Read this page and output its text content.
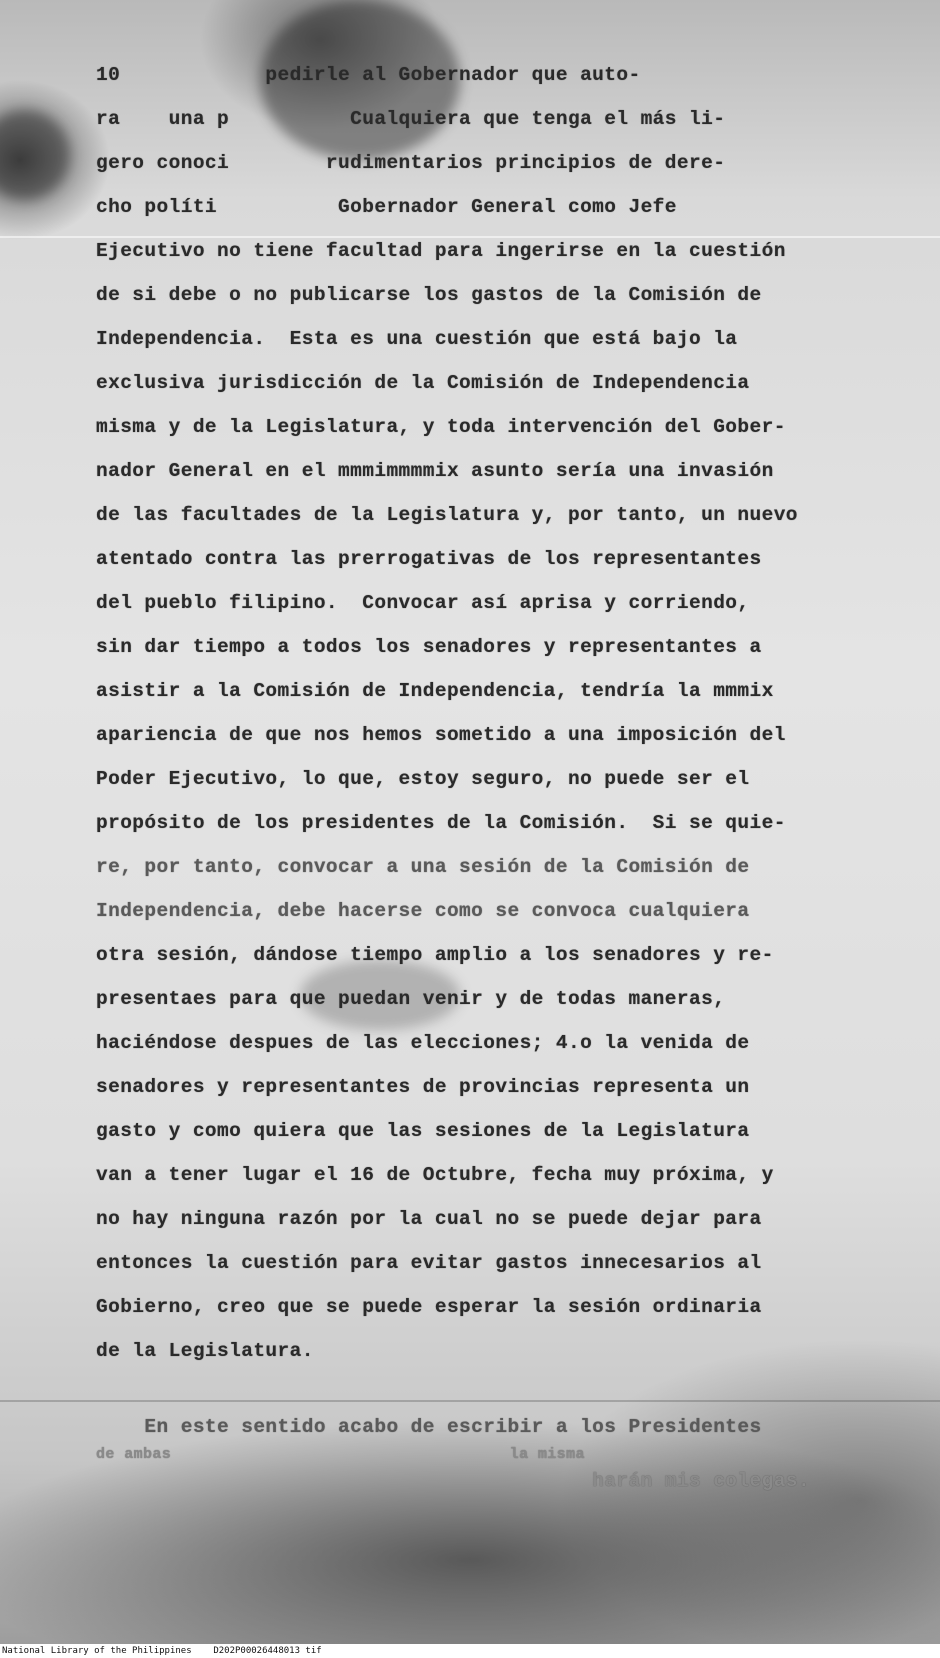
10            pedirle al Gobernador que auto-
ra    una p          Cualquiera que tenga el más li-
gero conoci        rudimentarios principios de dere-
cho políti          Gobernador General como Jefe
Ejecutivo no tiene facultad para ingerirse en la cuestión
de si debe o no publicarse los gastos de la Comisión de
Independencia.  Esta es una cuestión que está bajo la
exclusiva jurisdicción de la Comisión de Independencia
misma y de la Legislatura, y toda intervención del Gober-
nador General en el mmmimmmmix asunto sería una invasión
de las facultades de la Legislatura y, por tanto, un nuevo
atentado contra las prerrogativas de los representantes
del pueblo filipino.  Convocar así aprisa y corriendo,
sin dar tiempo a todos los senadores y representantes a
asistir a la Comisión de Independencia, tendría la mmmix
apariencia de que nos hemos sometido a una imposición del
Poder Ejecutivo, lo que, estoy seguro, no puede ser el
propósito de los presidentes de la Comisión.  Si se quie-
re, por tanto, convocar a una sesión de la Comisión de
Independencia, debe hacerse como se convoca cualquiera
otra sesión, dándose tiempo amplio a los senadores y re-
presentaes para que puedan venir y de todas maneras,
haciéndose despues de las elecciones; 4.o la venida de
senadores y representantes de provincias representa un
gasto y como quiera que las sesiones de la Legislatura
van a tener lugar el 16 de Octubre, fecha muy próxima, y
no hay ninguna razón por la cual no se puede dejar para
entonces la cuestión para evitar gastos innecesarios al
Gobierno, creo que se puede esperar la sesión ordinaria
de la Legislatura.
En este sentido acabo de escribir a los Presidentes
de ambas                                    la misma
harán mis colegas.
National Library of the Philippines    D202P00026448013 tif
